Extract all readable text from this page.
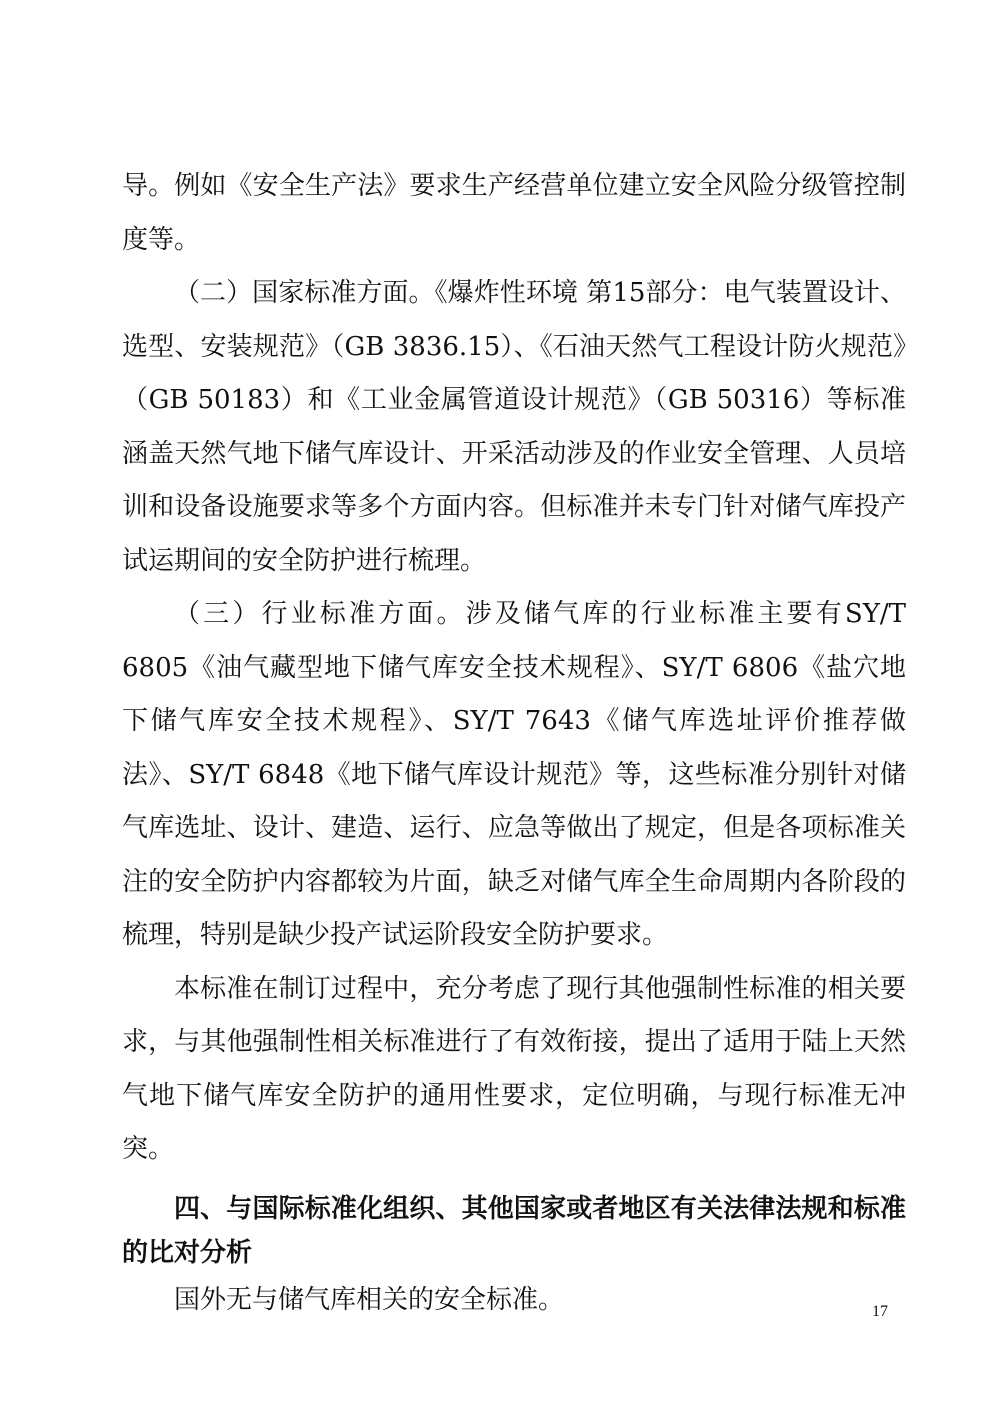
导。例如《安全生产法》要求生产经营单位建立安全风险分级管控制度等。

（二）国家标准方面。《爆炸性环境 第15部分：电气装置设计、选型、安装规范》（GB 3836.15）、《石油天然气工程设计防火规范》（GB 50183）和《工业金属管道设计规范》（GB 50316）等标准涵盖天然气地下储气库设计、开采活动涉及的作业安全管理、人员培训和设备设施要求等多个方面内容。但标准并未专门针对储气库投产试运期间的安全防护进行梳理。

（三）行业标准方面。涉及储气库的行业标准主要有SY/T 6805《油气藏型地下储气库安全技术规程》、SY/T 6806《盐穴地下储气库安全技术规程》、SY/T 7643《储气库选址评价推荐做法》、SY/T 6848《地下储气库设计规范》等，这些标准分别针对储气库选址、设计、建造、运行、应急等做出了规定，但是各项标准关注的安全防护内容都较为片面，缺乏对储气库全生命周期内各阶段的梳理，特别是缺少投产试运阶段安全防护要求。

本标准在制订过程中，充分考虑了现行其他强制性标准的相关要求，与其他强制性相关标准进行了有效衔接，提出了适用于陆上天然气地下储气库安全防护的通用性要求，定位明确，与现行标准无冲突。

四、与国际标准化组织、其他国家或者地区有关法律法规和标准的比对分析

国外无与储气库相关的安全标准。	17
